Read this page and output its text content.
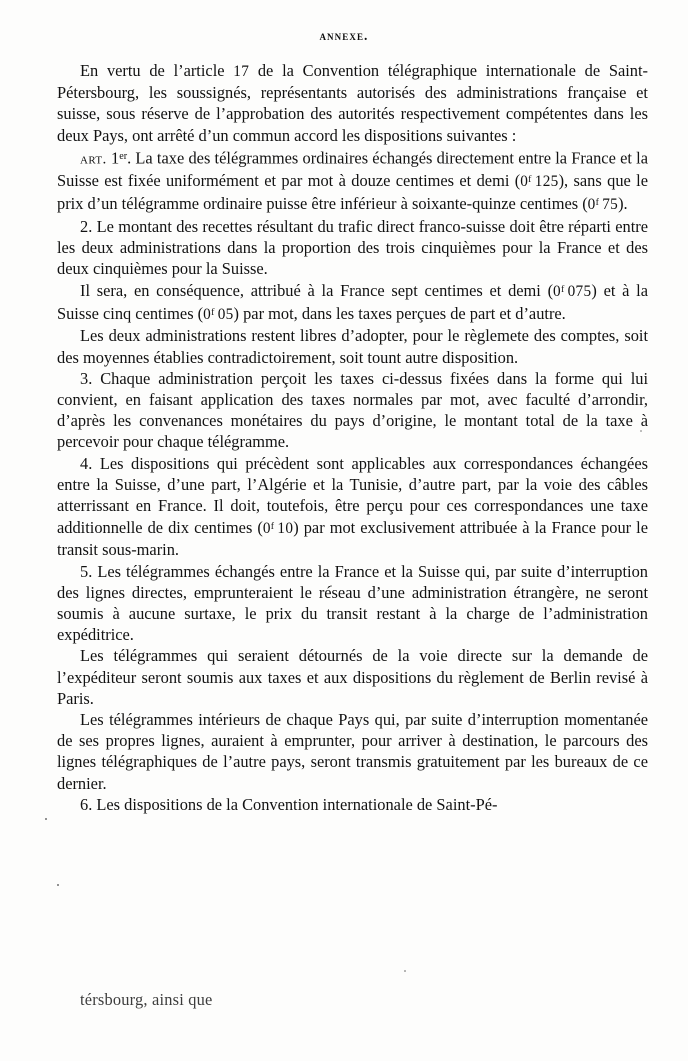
annexe.

En vertu de l’article 17 de la Convention télégraphique internationale de Saint-Pétersbourg, les soussignés, représentants autorisés des administrations française et suisse, sous réserve de l’approbation des autorités respectivement compétentes dans les deux Pays, ont arrêté d’un commun accord les dispositions suivantes :

art. 1er. La taxe des télégrammes ordinaires échangés directement entre la France et la Suisse est fixée uniformément et par mot à douze centimes et demi (0$^f$ 125), sans que le prix d’un télégramme ordinaire puisse être inférieur à soixante-quinze centimes (0$^f$ 75).

2. Le montant des recettes résultant du trafic direct franco-suisse doit être réparti entre les deux administrations dans la proportion des trois cinquièmes pour la France et des deux cinquièmes pour la Suisse.

Il sera, en conséquence, attribué à la France sept centimes et demi (0$^f$ 075) et à la Suisse cinq centimes (0$^f$ 05) par mot, dans les taxes perçues de part et d’autre.

Les deux administrations restent libres d’adopter, pour le règlemete des comptes, soit des moyennes établies contradictoirement, soit tount autre disposition.

3. Chaque administration perçoit les taxes ci-dessus fixées dans la forme qui lui convient, en faisant application des taxes normales par mot, avec faculté d’arrondir, d’après les convenances monétaires du pays d’origine, le montant total de la taxe à percevoir pour chaque télégramme.

4. Les dispositions qui précèdent sont applicables aux correspondances échangées entre la Suisse, d’une part, l’Algérie et la Tunisie, d’autre part, par la voie des câbles atterrissant en France. Il doit, toutefois, être perçu pour ces correspondances une taxe additionnelle de dix centimes (0$^f$ 10) par mot exclusivement attribuée à la France pour le transit sous-marin.

5. Les télégrammes échangés entre la France et la Suisse qui, par suite d’interruption des lignes directes, emprunteraient le réseau d’une administration étrangère, ne seront soumis à aucune surtaxe, le prix du transit restant à la charge de l’administration expéditrice.

Les télégrammes qui seraient détournés de la voie directe sur la demande de l’expéditeur seront soumis aux taxes et aux dispositions du règlement de Berlin revisé à Paris.

Les télégrammes intérieurs de chaque Pays qui, par suite d’interruption momentanée de ses propres lignes, auraient à emprunter, pour arriver à destination, le parcours des lignes télégraphiques de l’autre pays, seront transmis gratuitement par les bureaux de ce dernier.

6. Les dispositions de la Convention internationale de Saint-Pé-

térsbourg, ainsi que
